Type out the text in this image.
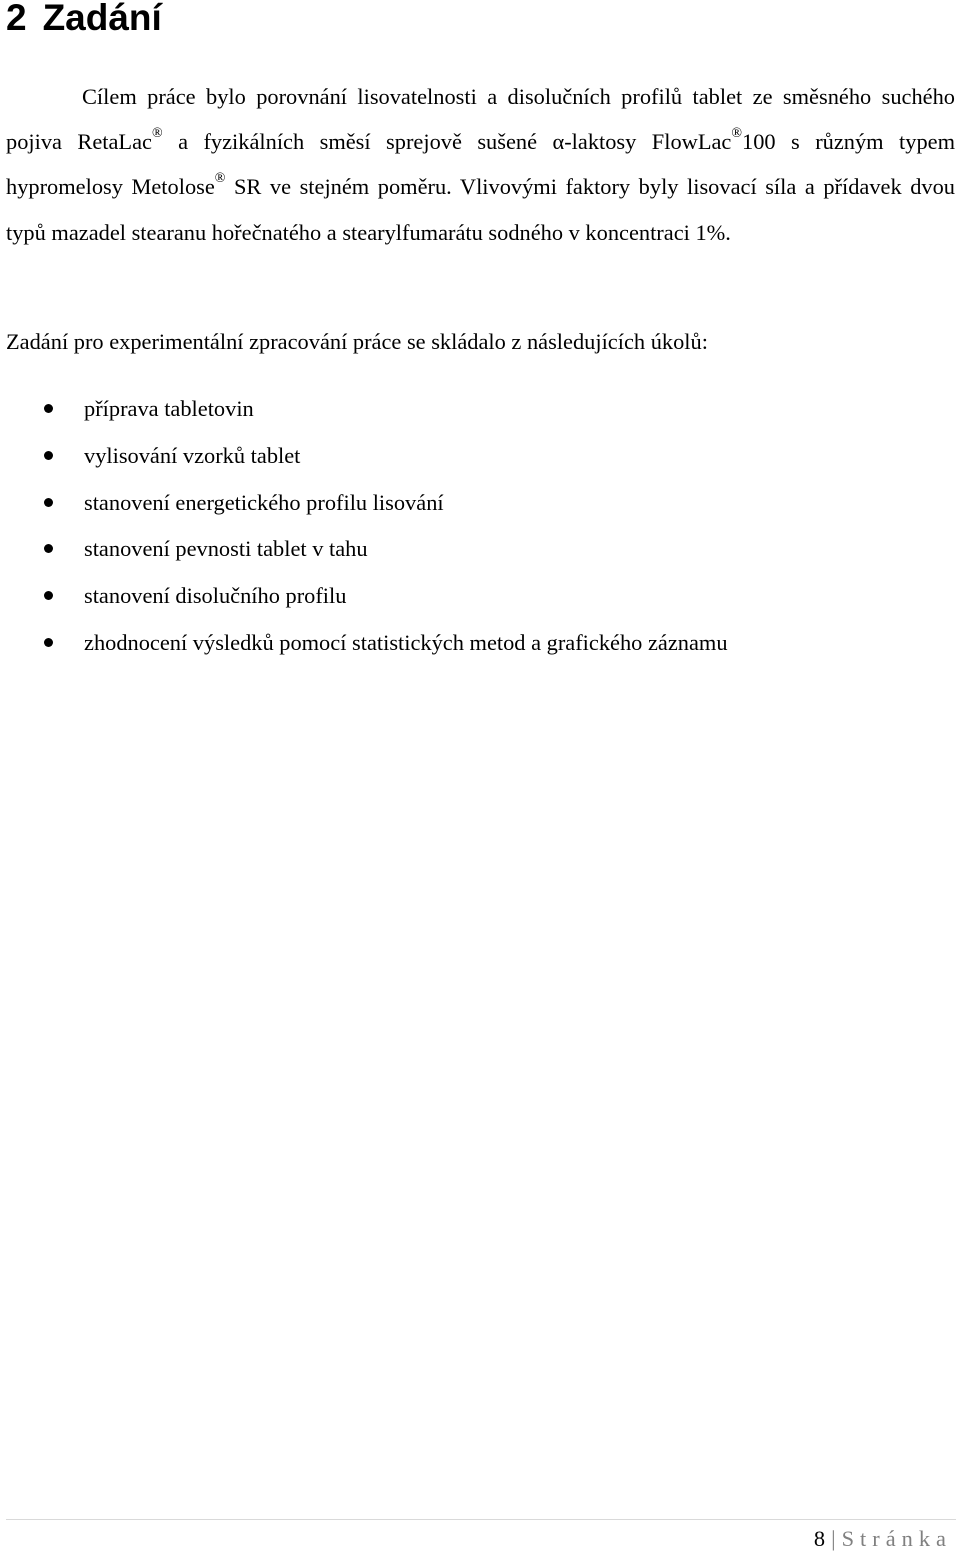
2 Zadání

Cílem práce bylo porovnání lisovatelnosti a disolučních profilů tablet ze směsného suchého pojiva RetaLac® a fyzikálních směsí sprejově sušené α-laktosy FlowLac®100 s různým typem hypromelosy Metolose® SR ve stejném poměru. Vlivovými faktory byly lisovací síla a přídavek dvou typů mazadel stearanu hořečnatého a stearylfumarátu sodného v koncentraci 1%.

Zadání pro experimentální zpracování práce se skládalo z následujících úkolů:

příprava tabletovin
vylisování vzorků tablet
stanovení energetického profilu lisování
stanovení pevnosti tablet v tahu
stanovení disolučního profilu
zhodnocení výsledků pomocí statistických metod a grafického záznamu
8 | Stránka
